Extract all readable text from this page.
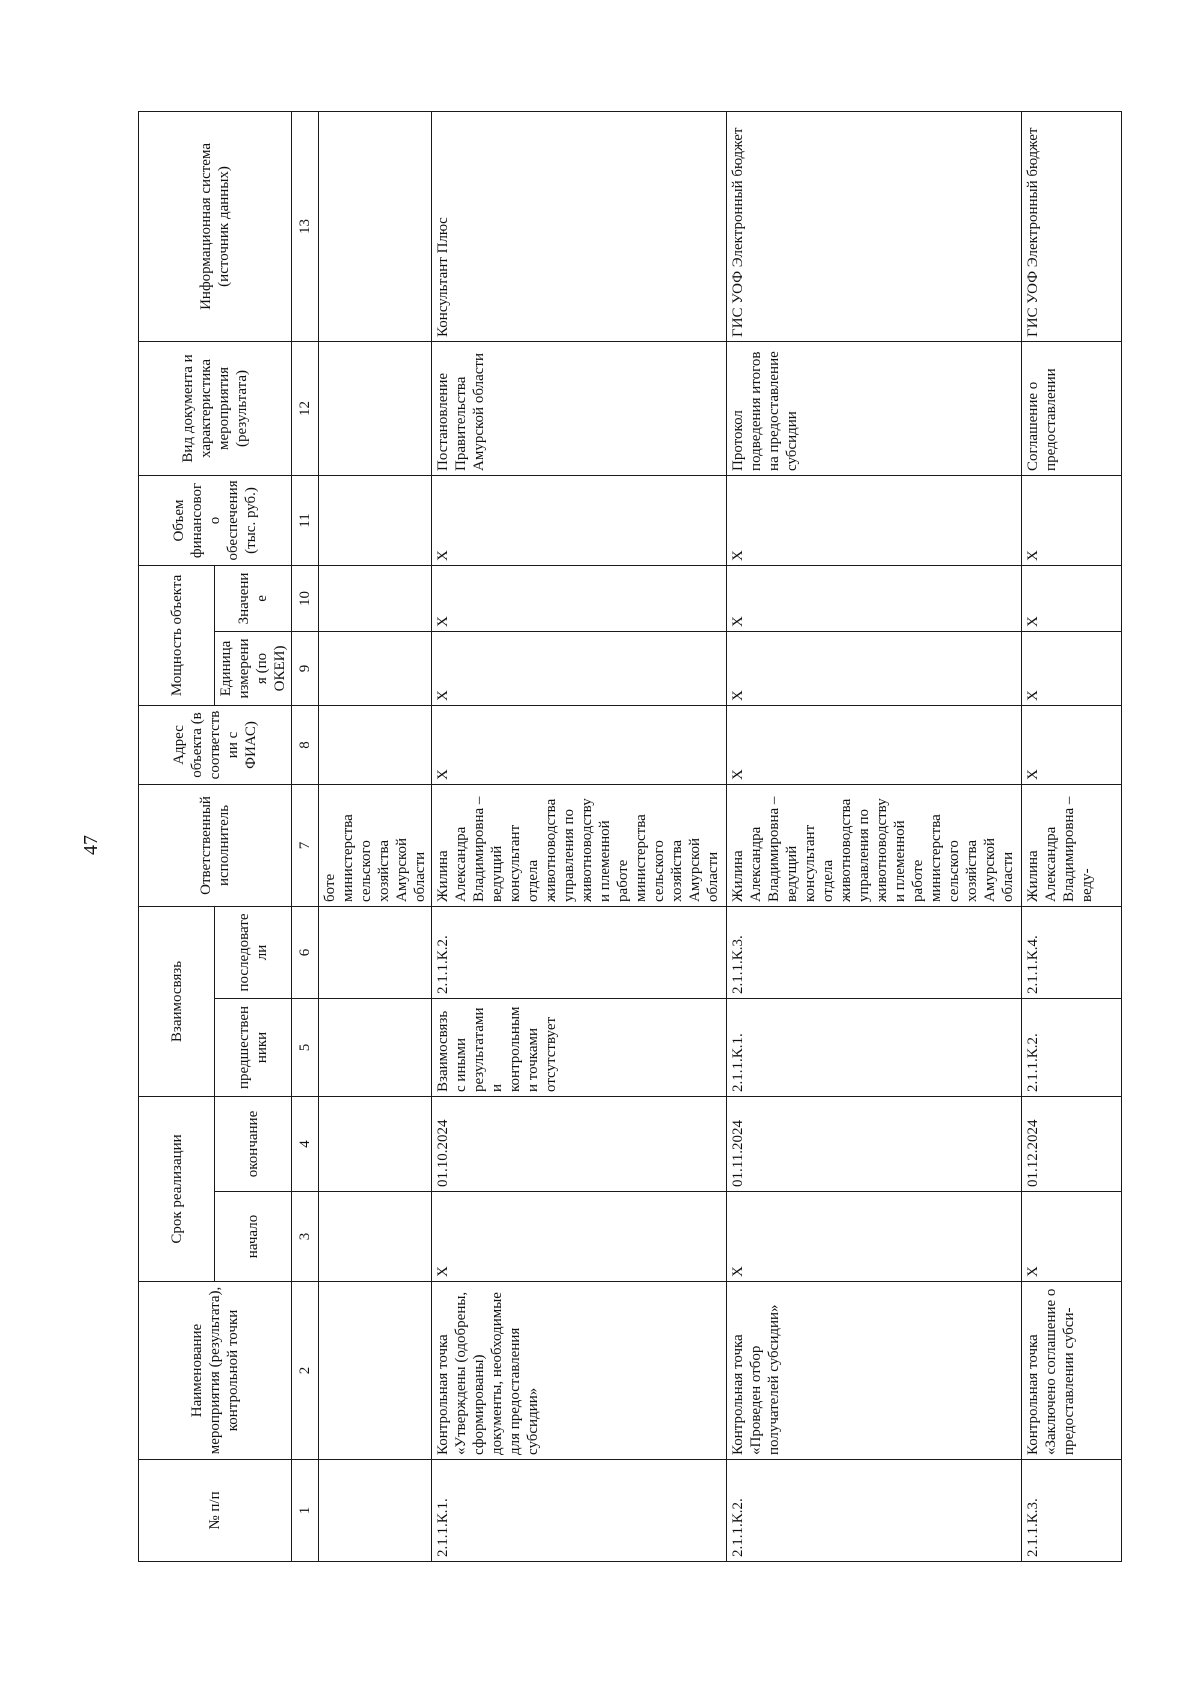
47
№ п/п	Наименование мероприятия (результата), контрольной точки	Срок реализации		Взаимосвязь		Ответственный исполнитель	Адрес объекта (в соответствии с ФИАС)	Мощность объекта		Объем финансового обеспечения (тыс. руб.)	Вид документа и характеристика мероприятия (результата)	Информационная система (источник данных)
		начало	окончание	предшественники	последователи			Единица измерения (по ОКЕИ)	Значение			
1	2	3	4	5	6	7	8	9	10	11	12	13
						боте министерства сельского хозяйства Амурской области						
2.1.1.К.1.	Контрольная точка «Утверждены (одобрены, сформированы) документы, необходимые для предоставления субсидии»	X	01.10.2024	Взаимосвязь с иными результатами и контрольными точками отсутствует	2.1.1.К.2.	Жилина Александра Владимировна – ведущий консультант отдела животноводства управления по животноводству и племенной работе министерства сельского хозяйства Амурской области	X	X	X	X	Постановление Правительства Амурской области	Консультант Плюс
2.1.1.К.2.	Контрольная точка «Проведен отбор получателей субсидии»	X	01.11.2024	2.1.1.К.1.	2.1.1.К.3.	Жилина Александра Владимировна – ведущий консультант отдела животноводства управления по животноводству и племенной работе министерства сельского хозяйства Амурской области	X	X	X	X	Протокол подведения итогов на предоставление субсидии	ГИС УОФ Электронный бюджет
2.1.1.К.3.	Контрольная точка «Заключено соглашение о предоставлении субси-	X	01.12.2024	2.1.1.К.2.	2.1.1.К.4.	Жилина Александра Владимировна – веду-	X	X	X	X	Соглашение о предоставлении	ГИС УОФ Электронный бюджет
